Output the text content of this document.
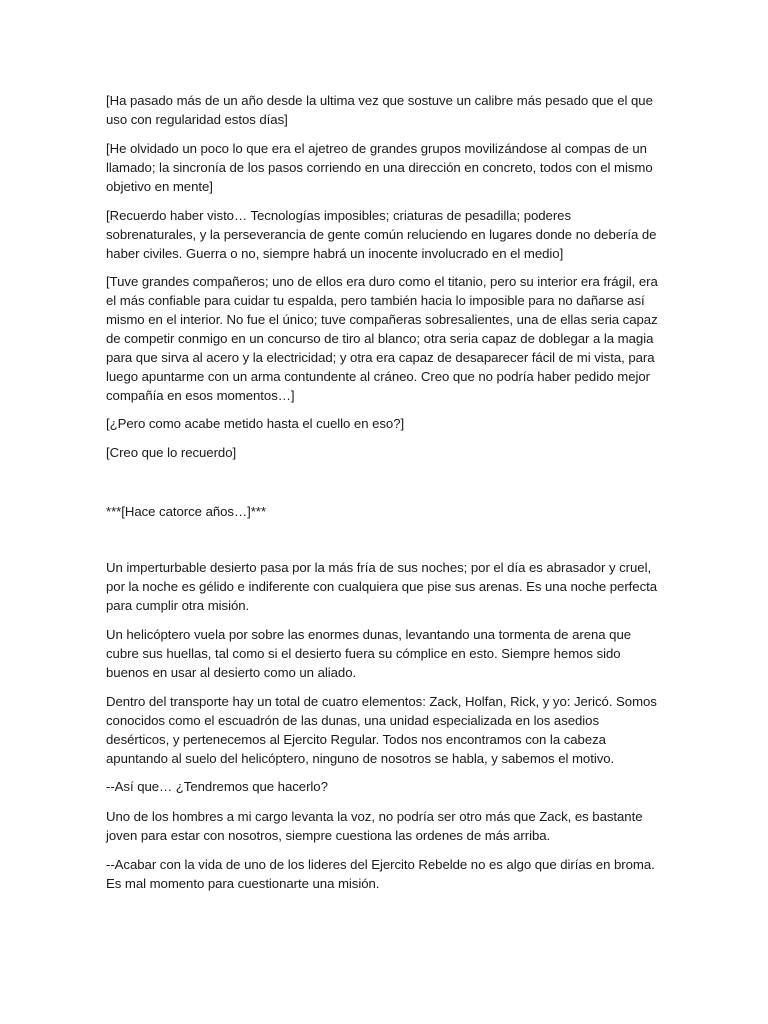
[Ha pasado más de un año desde la ultima vez que sostuve un calibre más pesado que el que uso con regularidad estos días]

[He olvidado un poco lo que era el ajetreo de grandes grupos movilizándose al compas de un llamado; la sincronía de los pasos corriendo en una dirección en concreto, todos con el mismo objetivo en mente]

[Recuerdo haber visto… Tecnologías imposibles; criaturas de pesadilla; poderes sobrenaturales, y la perseverancia de gente común reluciendo en lugares donde no debería de haber civiles. Guerra o no, siempre habrá un inocente involucrado en el medio]

[Tuve grandes compañeros; uno de ellos era duro como el titanio, pero su interior era frágil, era el más confiable para cuidar tu espalda, pero también hacia lo imposible para no dañarse así mismo en el interior. No fue el único; tuve compañeras sobresalientes, una de ellas seria capaz de competir conmigo en un concurso de tiro al blanco; otra seria capaz de doblegar a la magia para que sirva al acero y la electricidad; y otra era capaz de desaparecer fácil de mi vista, para luego apuntarme con un arma contundente al cráneo. Creo que no podría haber pedido mejor compañía en esos momentos…]

[¿Pero como acabe metido hasta el cuello en eso?]

[Creo que lo recuerdo]

***[Hace catorce años…]***

Un imperturbable desierto pasa por la más fría de sus noches; por el día es abrasador y cruel, por la noche es gélido e indiferente con cualquiera que pise sus arenas. Es una noche perfecta para cumplir otra misión.

Un helicóptero vuela por sobre las enormes dunas, levantando una tormenta de arena que cubre sus huellas, tal como si el desierto fuera su cómplice en esto. Siempre hemos sido buenos en usar al desierto como un aliado.

Dentro del transporte hay un total de cuatro elementos: Zack, Holfan, Rick, y yo: Jericó. Somos conocidos como el escuadrón de las dunas, una unidad especializada en los asedios desérticos, y pertenecemos al Ejercito Regular. Todos nos encontramos con la cabeza apuntando al suelo del helicóptero, ninguno de nosotros se habla, y sabemos el motivo.

--Así que… ¿Tendremos que hacerlo?

Uno de los hombres a mi cargo levanta la voz, no podría ser otro más que Zack, es bastante joven para estar con nosotros, siempre cuestiona las ordenes de más arriba.

--Acabar con la vida de uno de los lideres del Ejercito Rebelde no es algo que dirías en broma. Es mal momento para cuestionarte una misión.
